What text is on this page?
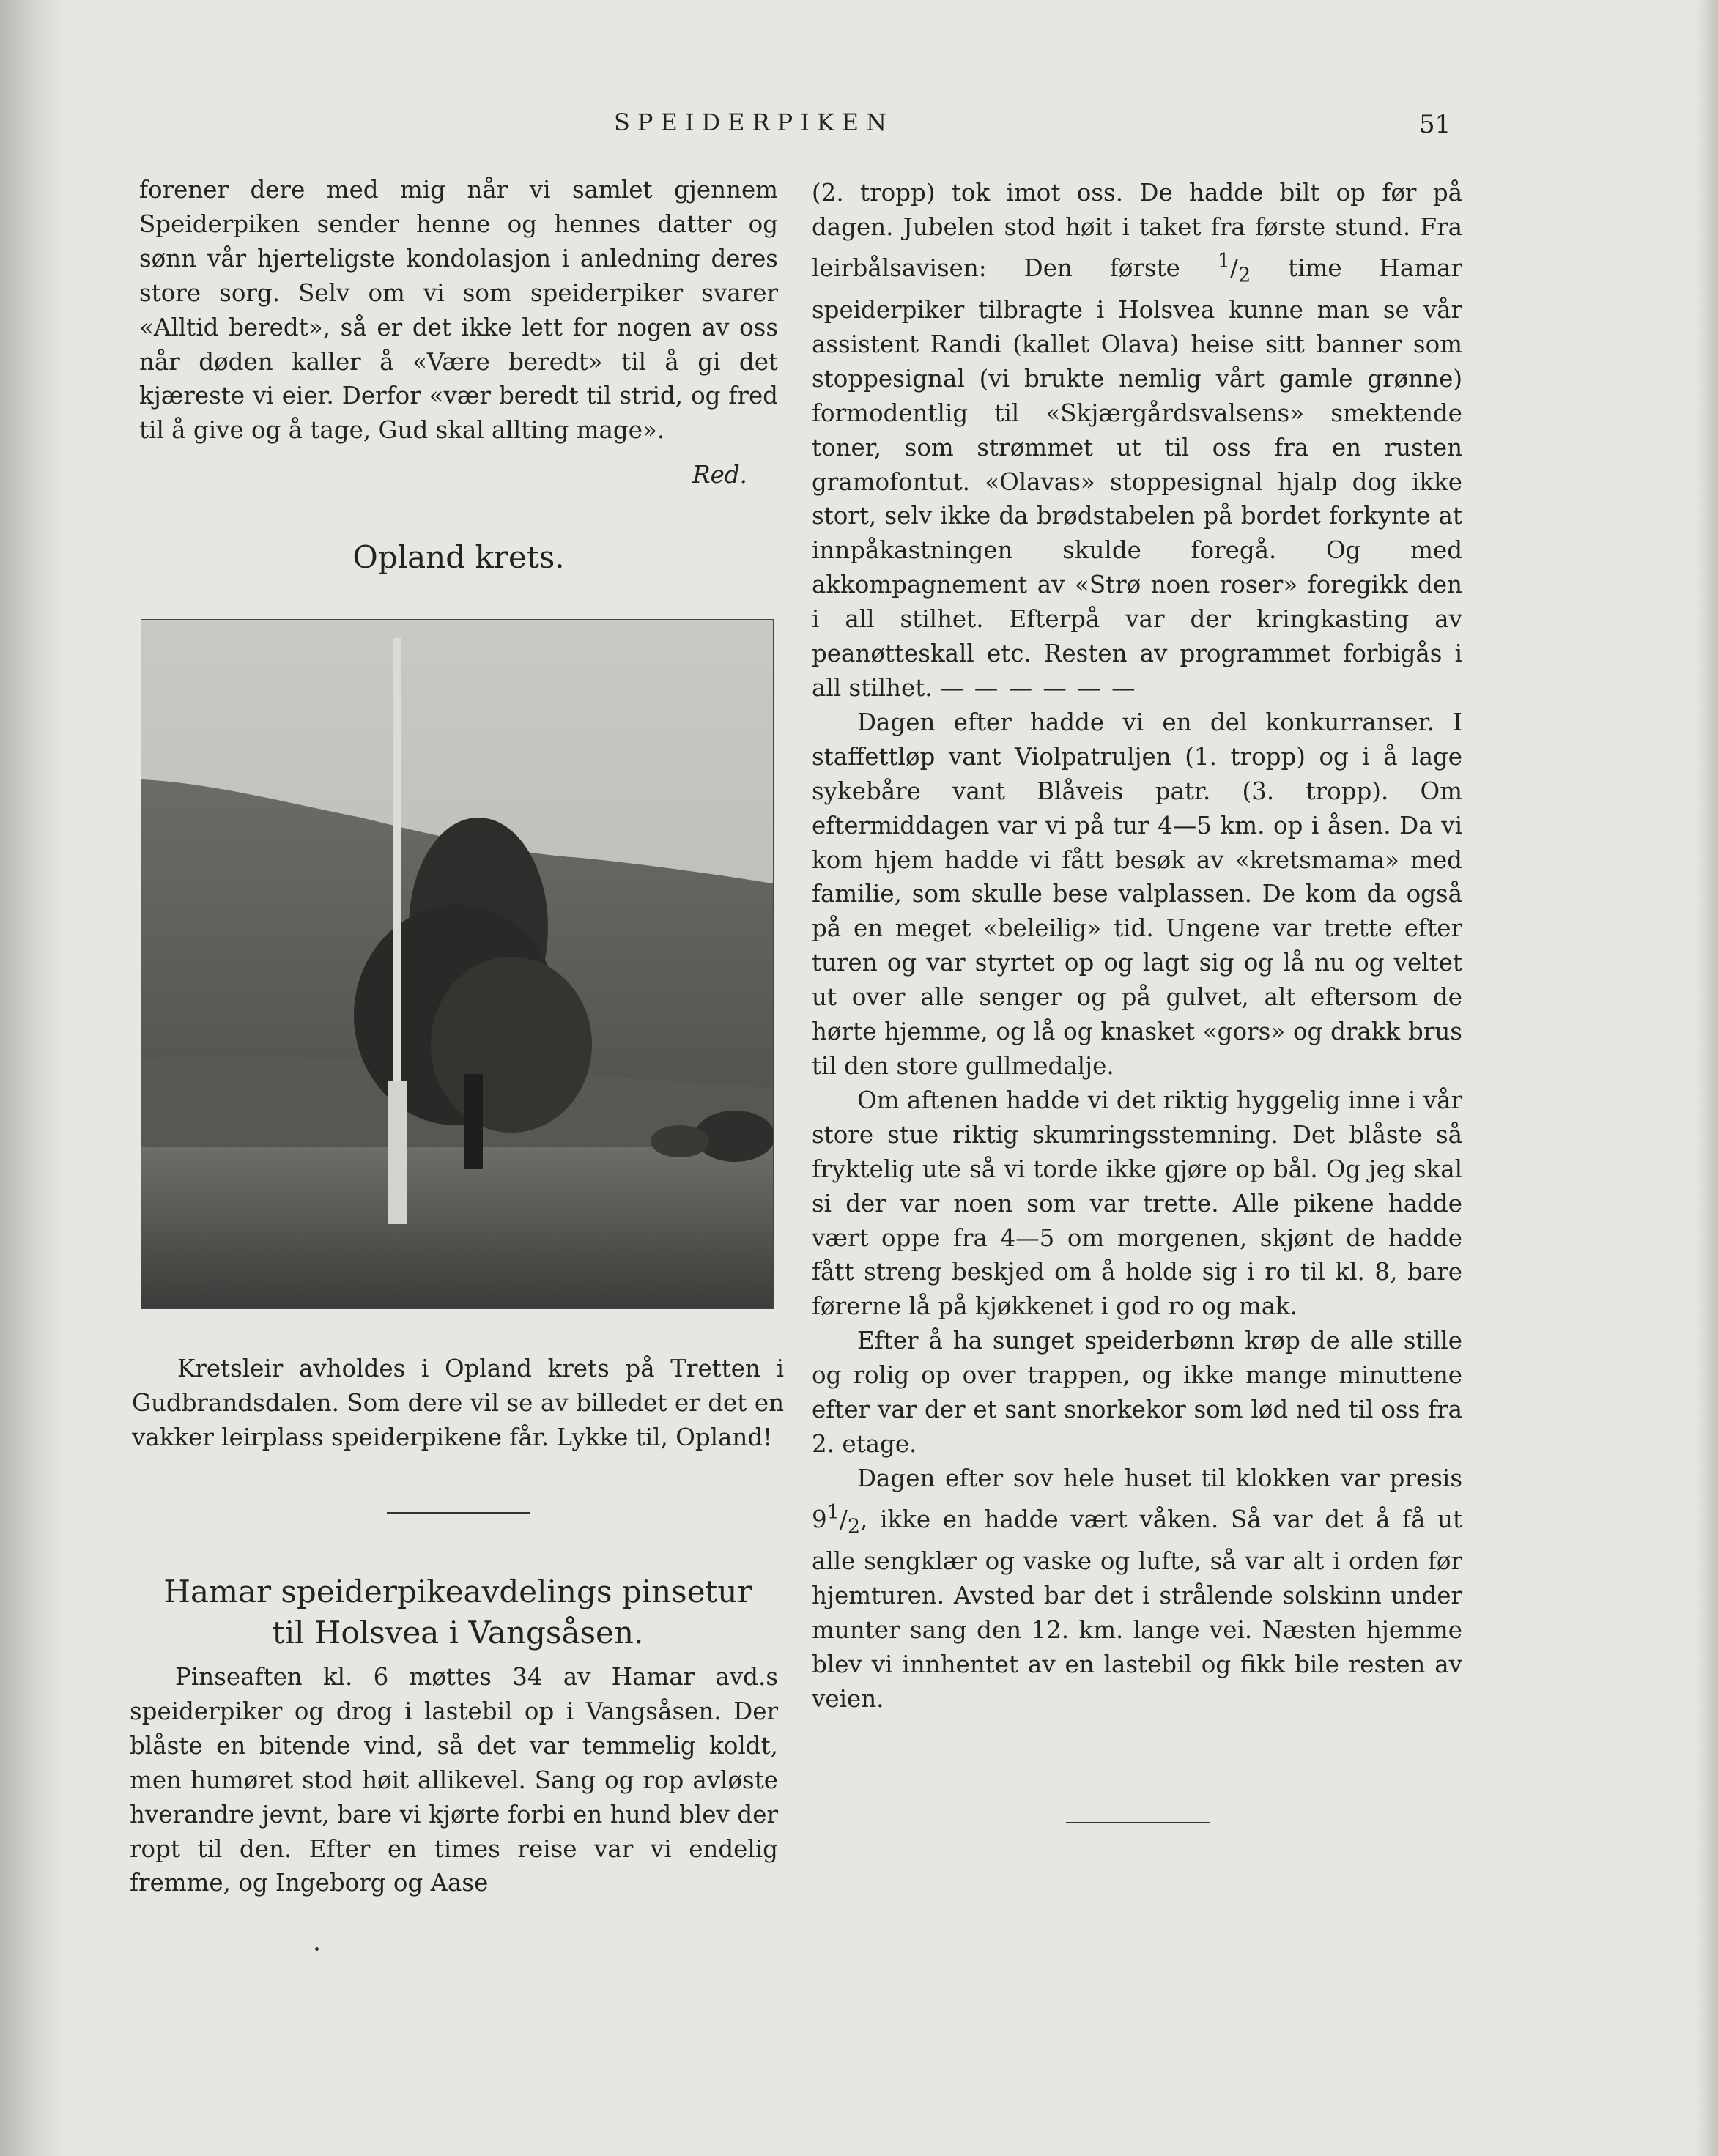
SPEIDERPIKEN	51

forener dere med mig når vi samlet gjennem Speiderpiken sender henne og hennes datter og sønn vår hjerteligste kondolasjon i anledning deres store sorg. Selv om vi som speiderpiker svarer «Alltid beredt», så er det ikke lett for nogen av oss når døden kaller å «Være beredt» til å gi det kjæreste vi eier. Derfor «vær beredt til strid, og fred til å give og å tage, Gud skal allting mage».

Red.

Opland krets.

Kretsleir avholdes i Opland krets på Tretten i Gudbrandsdalen. Som dere vil se av billedet er det en vakker leirplass speiderpikene får. Lykke til, Opland!

Hamar speiderpikeavdelings pinsetur
til Holsvea i Vangsåsen.

Pinseaften kl. 6 møttes 34 av Hamar avd.s speiderpiker og drog i lastebil op i Vangsåsen. Der blåste en bitende vind, så det var temmelig koldt, men humøret stod høit allikevel. Sang og rop avløste hverandre jevnt, bare vi kjørte forbi en hund blev der ropt til den. Efter en times reise var vi endelig fremme, og Ingeborg og Aase

(2. tropp) tok imot oss. De hadde bilt op før på dagen. Jubelen stod høit i taket fra første stund. Fra leirbålsavisen: Den første $^1/_2$ time Hamar speiderpiker tilbragte i Holsvea kunne man se vår assistent Randi (kallet Olava) heise sitt banner som stoppesignal (vi brukte nemlig vårt gamle grønne) formodentlig til «Skjærgårdsvalsens» smektende toner, som strømmet ut til oss fra en rusten gramofontut. «Olavas» stoppesignal hjalp dog ikke stort, selv ikke da brødstabelen på bordet forkynte at innpåkastningen skulde foregå. Og med akkompagnement av «Strø noen roser» foregikk den i all stilhet. Efterpå var der kringkasting av peanøtteskall etc. Resten av programmet forbigås i all stilhet. — — — — — —

Dagen efter hadde vi en del konkurranser. I staffettløp vant Violpatruljen (1. tropp) og i å lage sykebåre vant Blåveis patr. (3. tropp). Om eftermiddagen var vi på tur 4—5 km. op i åsen. Da vi kom hjem hadde vi fått besøk av «kretsmama» med familie, som skulle bese valplassen. De kom da også på en meget «beleilig» tid. Ungene var trette efter turen og var styrtet op og lagt sig og lå nu og veltet ut over alle senger og på gulvet, alt eftersom de hørte hjemme, og lå og knasket «gors» og drakk brus til den store gullmedalje.

Om aftenen hadde vi det riktig hyggelig inne i vår store stue riktig skumringsstemning. Det blåste så fryktelig ute så vi torde ikke gjøre op bål. Og jeg skal si der var noen som var trette. Alle pikene hadde vært oppe fra 4—5 om morgenen, skjønt de hadde fått streng beskjed om å holde sig i ro til kl. 8, bare førerne lå på kjøkkenet i god ro og mak.

Efter å ha sunget speiderbønn krøp de alle stille og rolig op over trappen, og ikke mange minuttene efter var der et sant snorkekor som lød ned til oss fra 2. etage.

Dagen efter sov hele huset til klokken var presis $9^1/_2$, ikke en hadde vært våken. Så var det å få ut alle sengklær og vaske og lufte, så var alt i orden før hjemturen. Avsted bar det i strålende solskinn under munter sang den 12. km. lange vei. Næsten hjemme blev vi innhentet av en lastebil og fikk bile resten av veien.
